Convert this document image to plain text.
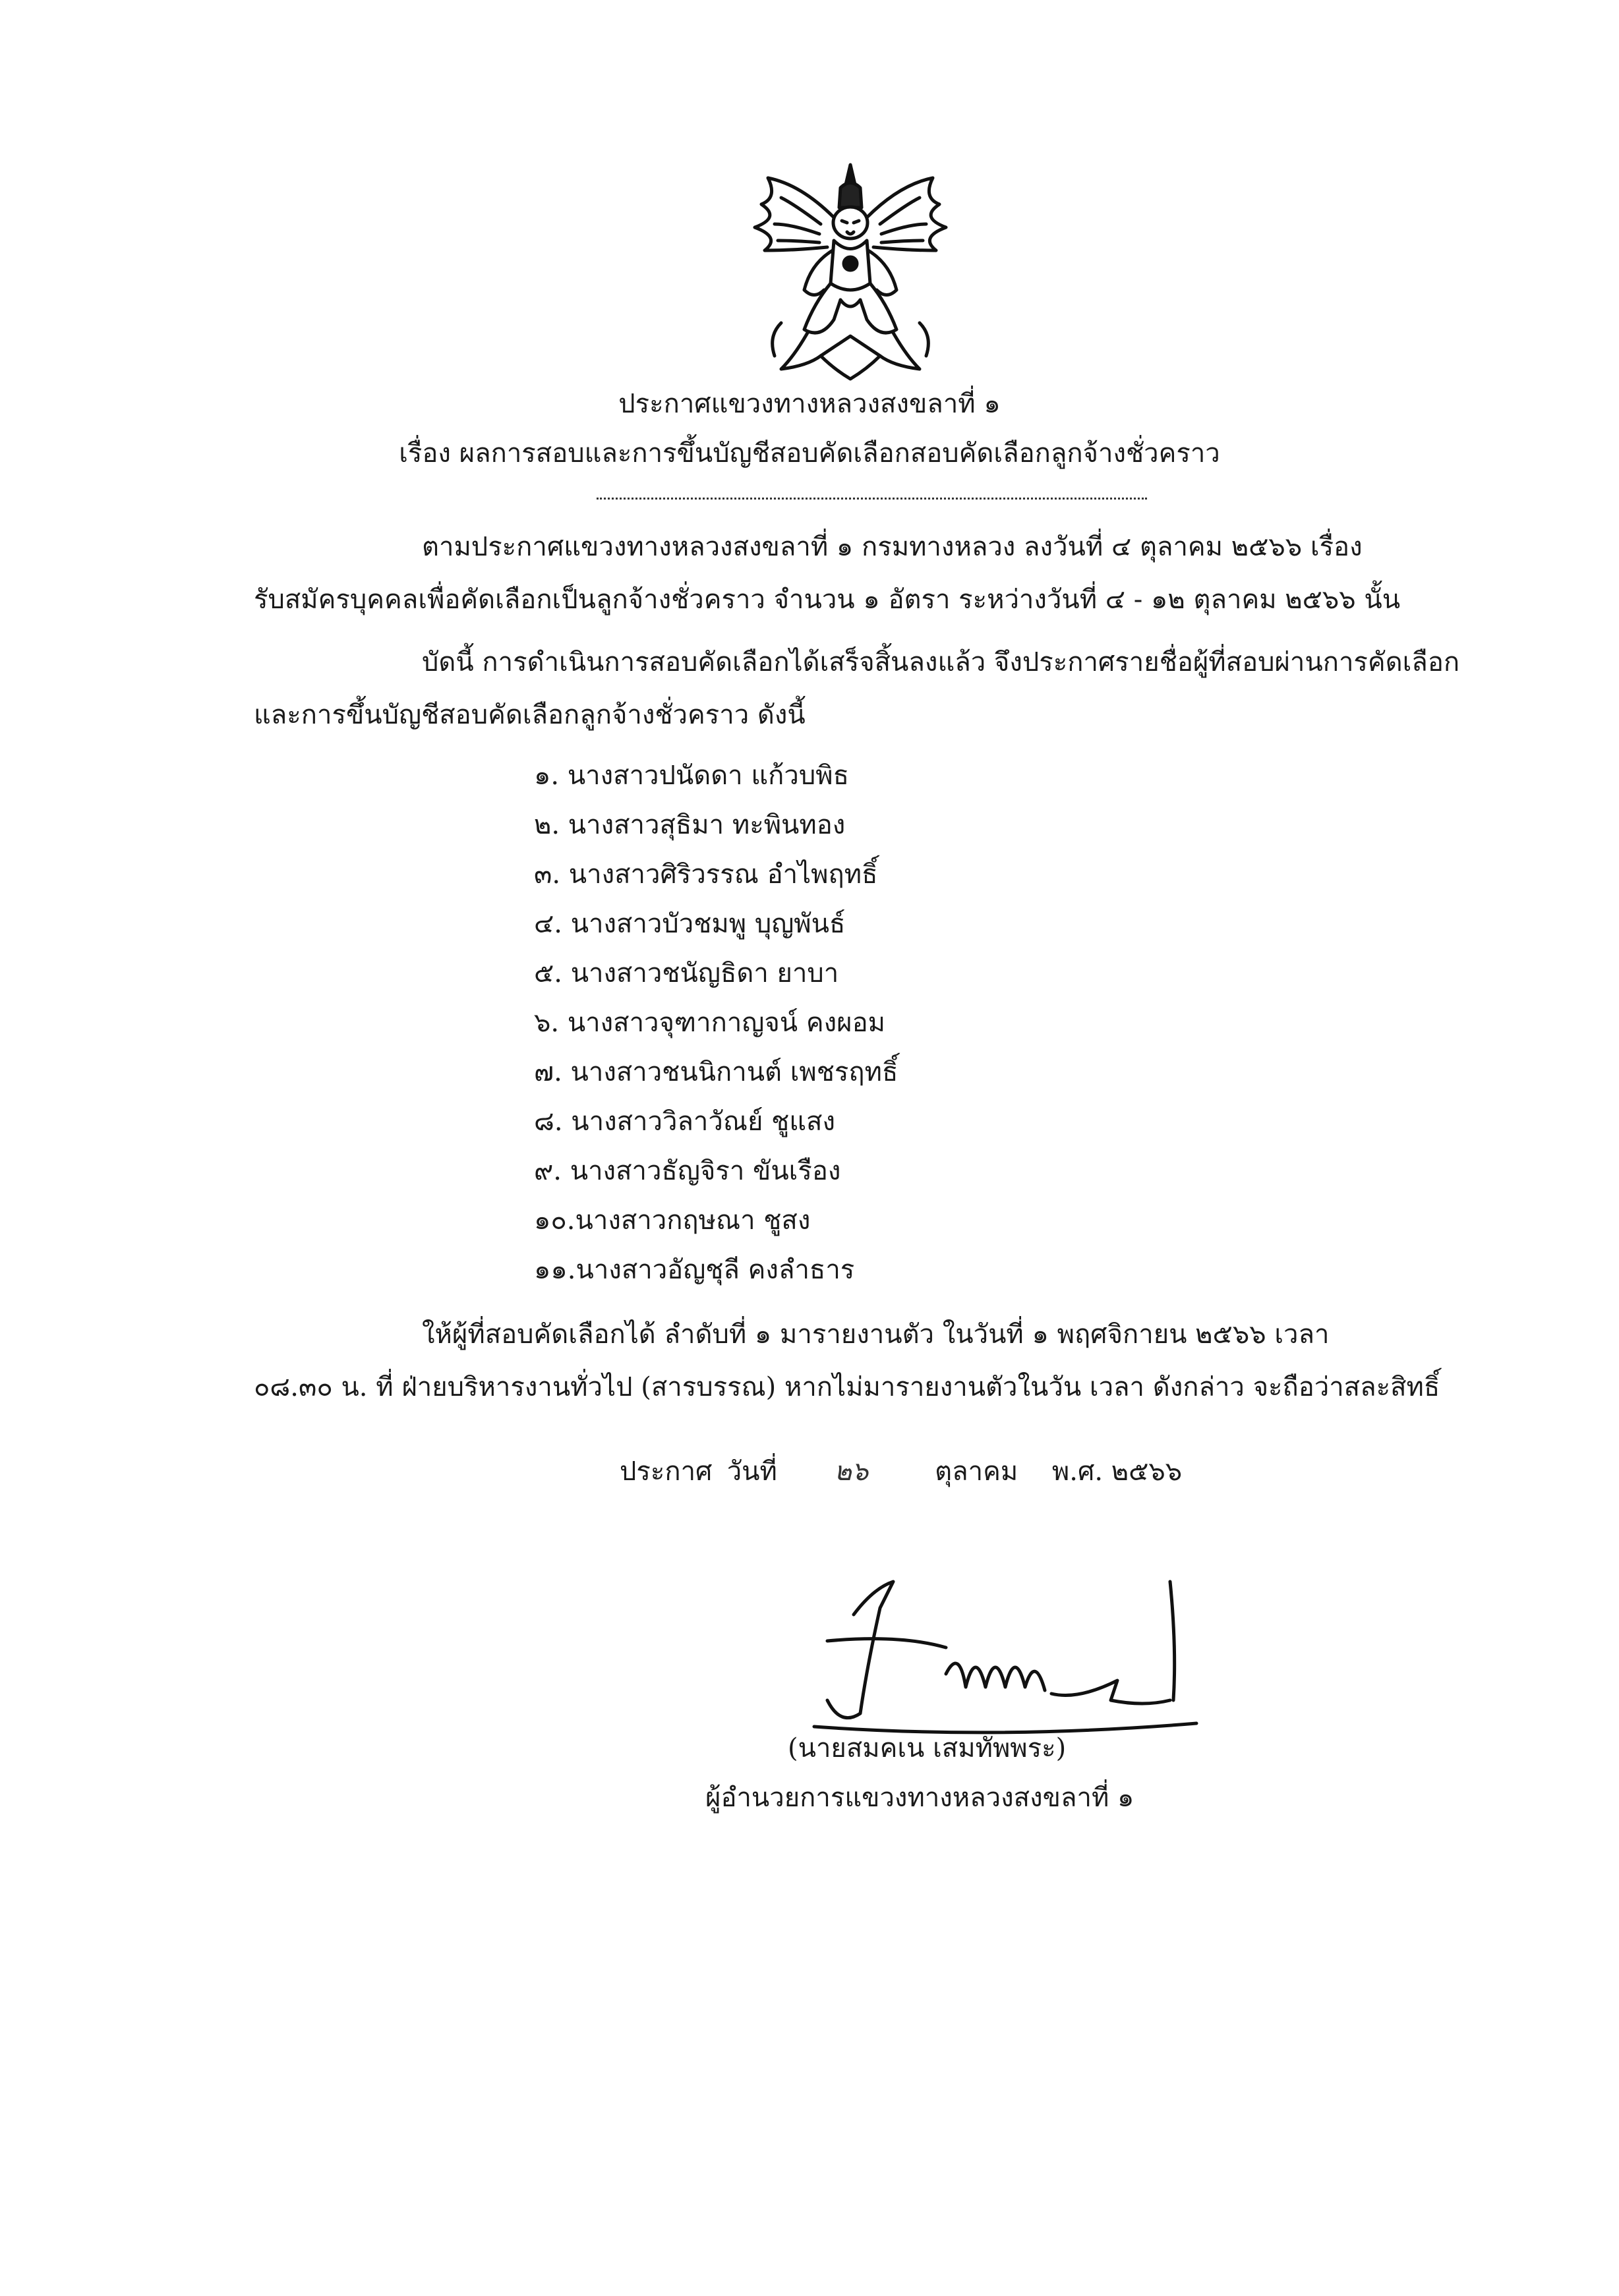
ประกาศแขวงทางหลวงสงขลาที่ ๑
เรื่อง ผลการสอบและการขึ้นบัญชีสอบคัดเลือกสอบคัดเลือกลูกจ้างชั่วคราว
ตามประกาศแขวงทางหลวงสงขลาที่ ๑ กรมทางหลวง ลงวันที่ ๔ ตุลาคม ๒๕๖๖ เรื่อง
รับสมัครบุคคลเพื่อคัดเลือกเป็นลูกจ้างชั่วคราว จำนวน ๑ อัตรา ระหว่างวันที่ ๔ - ๑๒ ตุลาคม ๒๕๖๖ นั้น
บัดนี้ การดำเนินการสอบคัดเลือกได้เสร็จสิ้นลงแล้ว จึงประกาศรายชื่อผู้ที่สอบผ่านการคัดเลือก
และการขึ้นบัญชีสอบคัดเลือกลูกจ้างชั่วคราว ดังนี้
๑. นางสาวปนัดดา แก้วบพิธ
๒. นางสาวสุธิมา ทะพินทอง
๓. นางสาวศิริวรรณ อำไพฤทธิ์
๔. นางสาวบัวชมพู บุญพันธ์
๕. นางสาวชนัญธิดา ยาบา
๖. นางสาวจุฑากาญจน์ คงผอม
๗. นางสาวชนนิกานต์ เพชรฤทธิ์
๘. นางสาววิลาวัณย์ ชูแสง
๙. นางสาวธัญจิรา ขันเรือง
๑๐.นางสาวกฤษณา ชูสง
๑๑.นางสาวอัญชุลี คงลำธาร
ให้ผู้ที่สอบคัดเลือกได้ ลำดับที่ ๑ มารายงานตัว ในวันที่ ๑ พฤศจิกายน ๒๕๖๖ เวลา
๐๘.๓๐ น. ที่ ฝ่ายบริหารงานทั่วไป (สารบรรณ) หากไม่มารายงานตัวในวัน เวลา ดังกล่าว จะถือว่าสละสิทธิ์
ประกาศ วันที่ ๒๖	ตุลาคม พ.ศ. ๒๕๖๖
(นายสมคเน เสมทัพพระ)
ผู้อำนวยการแขวงทางหลวงสงขลาที่ ๑
